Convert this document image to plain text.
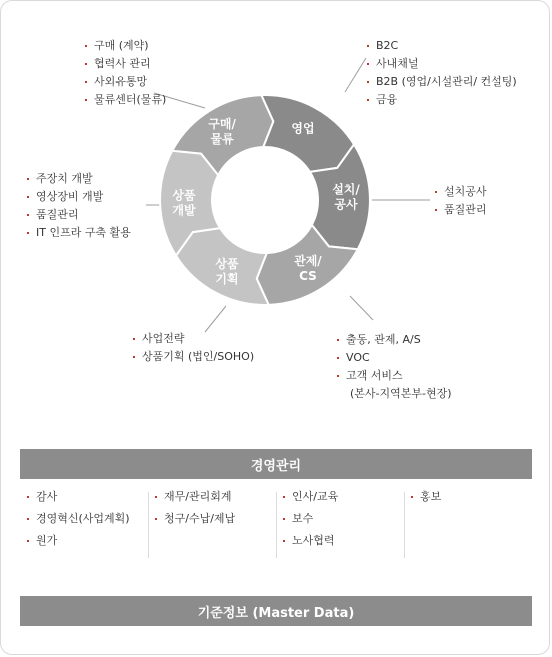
영업
설치/
공사
관제/
CS
상품
기획
상품
개발
구매/
물류
구매 (계약)
협력사 관리
사외유통망
물류센터(물류)
B2C
사내채널
B2B (영업/시설관리/ 컨설팅)
금융
설치공사
품질관리
주장치 개발
영상장비 개발
품질관리
IT 인프라 구축 활용
사업전략
상품기획 (법인/SOHO)
출동, 관제, A/S
VOC
고객 서비스
(본사-지역본부-현장)
경영관리
감사
경영혁신(사업계획)
원가
재무/관리회계
청구/수납/제납
인사/교육
보수
노사협력
홍보
기준정보 (Master Data)
